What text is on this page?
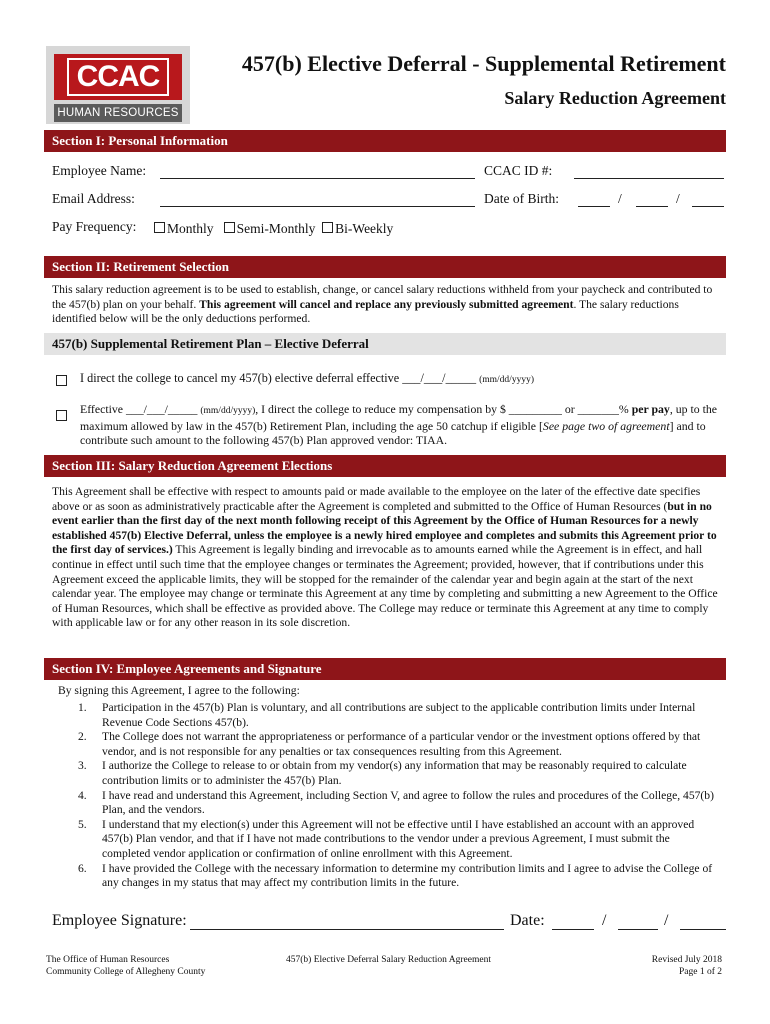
CCAC
HUMAN RESOURCES
457(b) Elective Deferral - Supplemental Retirement
Salary Reduction Agreement
Section I: Personal Information
Employee Name:	CCAC ID #:
Email Address:	Date of Birth:	/	/
Pay Frequency:	Monthly Semi-Monthly Bi-Weekly
Section II: Retirement Selection
This salary reduction agreement is to be used to establish, change, or cancel salary reductions withheld from your paycheck and contributed to the 457(b) plan on your behalf. This agreement will cancel and replace any previously submitted agreement. The salary reductions identified below will be the only deductions performed.
457(b) Supplemental Retirement Plan – Elective Deferral
I direct the college to cancel my 457(b) elective deferral effective ___/___/_____ (mm/dd/yyyy)
Effective ___/___/_____ (mm/dd/yyyy), I direct the college to reduce my compensation by $ _________ or _______% per pay, up to the maximum allowed by law in the 457(b) Retirement Plan, including the age 50 catchup if eligible [See page two of agreement] and to contribute such amount to the following 457(b) Plan approved vendor: TIAA.
Section III: Salary Reduction Agreement Elections
This Agreement shall be effective with respect to amounts paid or made available to the employee on the later of the effective date specifies above or as soon as administratively practicable after the Agreement is completed and submitted to the Office of Human Resources (but in no event earlier than the first day of the next month following receipt of this Agreement by the Office of Human Resources for a newly established 457(b) Elective Deferral, unless the employee is a newly hired employee and completes and submits this Agreement prior to the first day of services.) This Agreement is legally binding and irrevocable as to amounts earned while the Agreement is in effect, and hall continue in effect until such time that the employee changes or terminates the Agreement; provided, however, that if contributions under this Agreement exceed the applicable limits, they will be stopped for the remainder of the calendar year and begin again at the start of the next calendar year. The employee may change or terminate this Agreement at any time by completing and submitting a new Agreement to the Office of Human Resources, which shall be effective as provided above. The College may reduce or terminate this Agreement at any time to comply with applicable law or for any other reason in its sole discretion.
Section IV: Employee Agreements and Signature
By signing this Agreement, I agree to the following:
1. Participation in the 457(b) Plan is voluntary, and all contributions are subject to the applicable contribution limits under Internal Revenue Code Sections 457(b).
2. The College does not warrant the appropriateness or performance of a particular vendor or the investment options offered by that vendor, and is not responsible for any penalties or tax consequences resulting from this Agreement.
3. I authorize the College to release to or obtain from my vendor(s) any information that may be reasonably required to calculate contribution limits or to administer the 457(b) Plan.
4. I have read and understand this Agreement, including Section V, and agree to follow the rules and procedures of the College, 457(b) Plan, and the vendors.
5. I understand that my election(s) under this Agreement will not be effective until I have established an account with an approved 457(b) Plan vendor, and that if I have not made contributions to the vendor under a previous Agreement, I must submit the completed vendor application or confirmation of online enrollment with this Agreement.
6. I have provided the College with the necessary information to determine my contribution limits and I agree to advise the College of any changes in my status that may affect my contribution limits in the future.
Employee Signature:	Date:	/	/
The Office of Human Resources
Community College of Allegheny County
457(b) Elective Deferral Salary Reduction Agreement	Revised July 2018
Page 1 of 2
